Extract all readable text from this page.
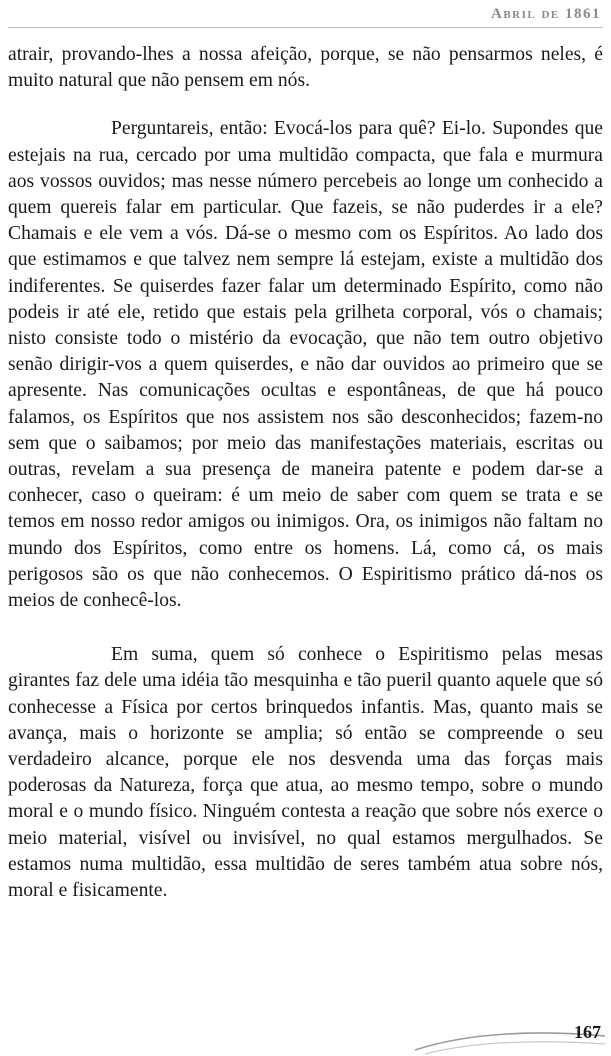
Abril de 1861

atrair, provando-lhes a nossa afeição, porque, se não pensarmos neles, é muito natural que não pensem em nós.

Perguntareis, então: Evocá-los para quê? Ei-lo. Supondes que estejais na rua, cercado por uma multidão compacta, que fala e murmura aos vossos ouvidos; mas nesse número percebeis ao longe um conhecido a quem quereis falar em particular. Que fazeis, se não puderdes ir a ele? Chamais e ele vem a vós. Dá-se o mesmo com os Espíritos. Ao lado dos que estimamos e que talvez nem sempre lá estejam, existe a multidão dos indiferentes. Se quiserdes fazer falar um determinado Espírito, como não podeis ir até ele, retido que estais pela grilheta corporal, vós o chamais; nisto consiste todo o mistério da evocação, que não tem outro objetivo senão dirigir-vos a quem quiserdes, e não dar ouvidos ao primeiro que se apresente. Nas comunicações ocultas e espontâneas, de que há pouco falamos, os Espíritos que nos assistem nos são desconhecidos; fazem-no sem que o saibamos; por meio das manifestações materiais, escritas ou outras, revelam a sua presença de maneira patente e podem dar-se a conhecer, caso o queiram: é um meio de saber com quem se trata e se temos em nosso redor amigos ou inimigos. Ora, os inimigos não faltam no mundo dos Espíritos, como entre os homens. Lá, como cá, os mais perigosos são os que não conhecemos. O Espiritismo prático dá-nos os meios de conhecê-los.

Em suma, quem só conhece o Espiritismo pelas mesas girantes faz dele uma idéia tão mesquinha e tão pueril quanto aquele que só conhecesse a Física por certos brinquedos infantis. Mas, quanto mais se avança, mais o horizonte se amplia; só então se compreende o seu verdadeiro alcance, porque ele nos desvenda uma das forças mais poderosas da Natureza, força que atua, ao mesmo tempo, sobre o mundo moral e o mundo físico. Ninguém contesta a reação que sobre nós exerce o meio material, visível ou invisível, no qual estamos mergulhados. Se estamos numa multidão, essa multidão de seres também atua sobre nós, moral e fisicamente.

167
